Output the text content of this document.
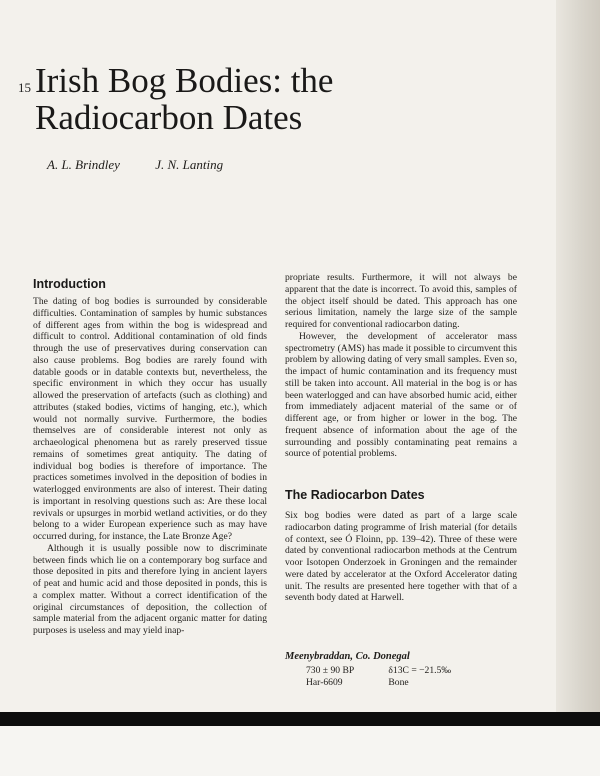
15 Irish Bog Bodies: the
Radiocarbon Dates
A. L. Brindley	J. N. Lanting
Introduction

The dating of bog bodies is surrounded by considerable difficulties. Contamination of samples by humic substances of different ages from within the bog is widespread and difficult to control. Additional contamination of old finds through the use of preservatives during conservation can also cause problems. Bog bodies are rarely found with datable goods or in datable contexts but, nevertheless, the specific environment in which they occur has usually allowed the preservation of artefacts (such as clothing) and attributes (staked bodies, victims of hanging, etc.), which would not normally survive. Furthermore, the bodies themselves are of considerable interest not only as archaeological phenomena but as rarely preserved tissue remains of sometimes great antiquity. The dating of individual bog bodies is therefore of importance. The practices sometimes involved in the deposition of bodies in waterlogged environments are also of interest. Their dating is important in resolving questions such as: Are these local revivals or upsurges in morbid wetland activities, or do they belong to a wider European experience such as may have occurred during, for instance, the Late Bronze Age?

Although it is usually possible now to discriminate between finds which lie on a contemporary bog surface and those deposited in pits and therefore lying in ancient layers of peat and humic acid and those deposited in ponds, this is a complex matter. Without a correct identification of the original circumstances of deposition, the collection of sample material from the adjacent organic matter for dating purposes is useless and may yield inap-

propriate results. Furthermore, it will not always be apparent that the date is incorrect. To avoid this, samples of the object itself should be dated. This approach has one serious limitation, namely the large size of the sample required for conventional radiocarbon dating.

However, the development of accelerator mass spectrometry (AMS) has made it possible to circumvent this problem by allowing dating of very small samples. Even so, the impact of humic contamination and its frequency must still be taken into account. All material in the bog is or has been waterlogged and can have absorbed humic acid, either from immediately adjacent material of the same or of different age, or from higher or lower in the bog. The frequent absence of information about the age of the surrounding and possibly contaminating peat remains a source of potential problems.

The Radiocarbon Dates

Six bog bodies were dated as part of a large scale radiocarbon dating programme of Irish material (for details of context, see Ó Floinn, pp. 139–42). Three of these were dated by conventional radiocarbon methods at the Centrum voor Isotopen Onderzoek in Groningen and the remainder were dated by accelerator at the Oxford Accelerator dating unit. The results are presented here together with that of a seventh body dated at Harwell.

Meenybraddan, Co. Donegal
730 ± 90 BP	δ13C = −21.5‰
Har-6609	Bone
